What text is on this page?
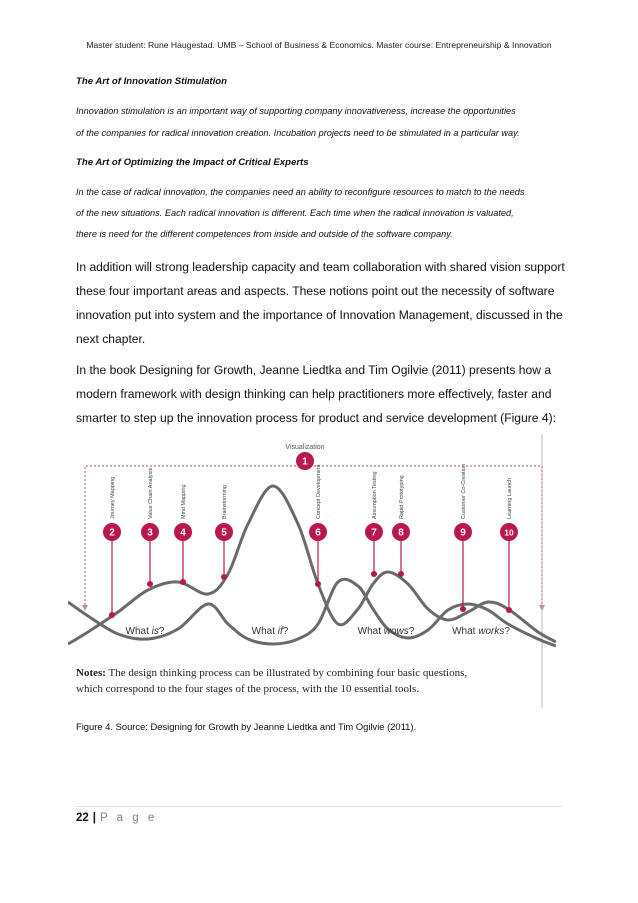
Master student: Rune Haugestad. UMB – School of Business & Economics. Master course: Entrepreneurship & Innovation
The Art of Innovation Stimulation
Innovation stimulation is an important way of supporting company innovativeness, increase the opportunities
of the companies for radical innovation creation. Incubation projects need to be stimulated in a particular way.
The Art of Optimizing the Impact of Critical Experts
In the case of radical innovation, the companies need an ability to reconfigure resources to match to the needs
of the new situations. Each radical innovation is different. Each time when the radical innovation is valuated,
there is need for the different competences from inside and outside of the software company.
In addition will strong leadership capacity and team collaboration with shared vision support
these four important areas and aspects. These notions point out the necessity of software
innovation put into system and the importance of Innovation Management, discussed in the
next chapter.
In the book Designing for Growth, Jeanne Liedtka and Tim Ogilvie (2011) presents how a
modern framework with design thinking can help practitioners more effectively, faster and
smarter to step up the innovation process for product and service development (Figure 4):
Visualization
1
2
Journey Mapping
3
Value Chain Analysis
4
Mind Mapping
5
Brainstorming
6
Concept Development
7
Assumption Testing
8
Rapid Prototyping
9
Customer Co-Creation
10
Learning Launch
What is?	What if?	What wows?	What works?
Notes: The design thinking process can be illustrated by combining four basic questions,
which correspond to the four stages of the process, with the 10 essential tools.
Figure 4. Source: Designing for Growth by Jeanne Liedtka and Tim Ogilvie (2011).
22 | P a g e
